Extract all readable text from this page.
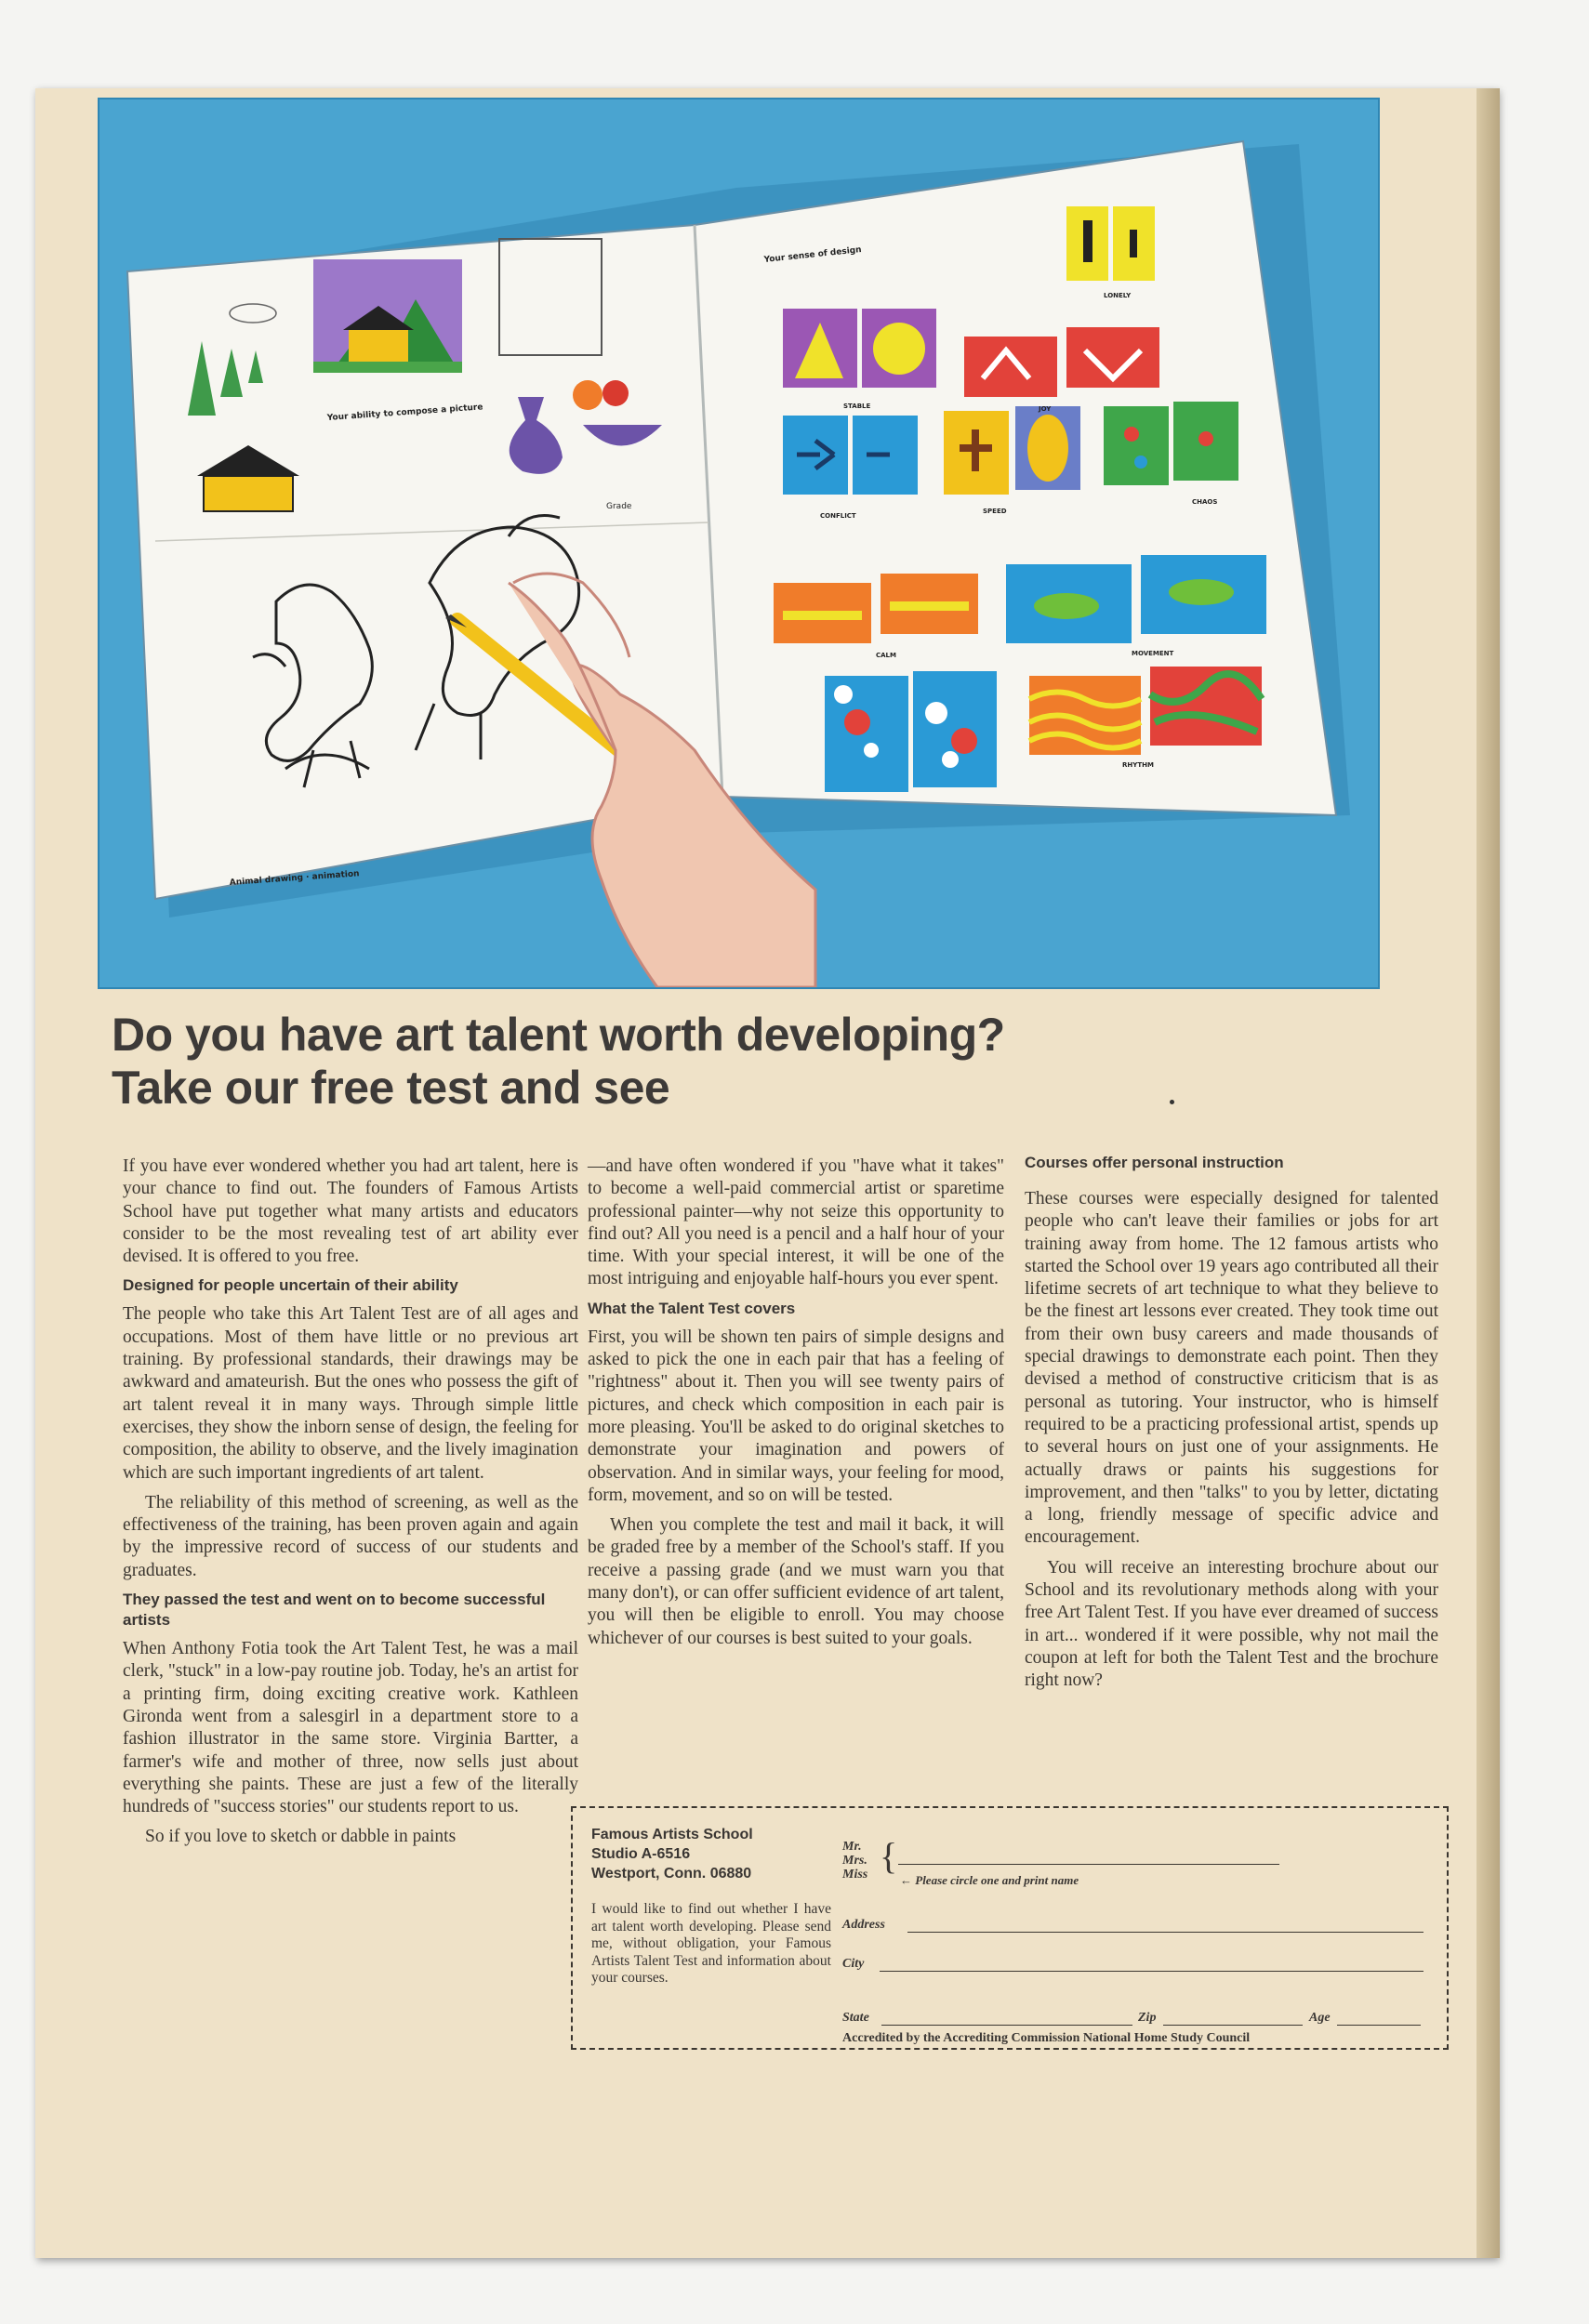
Your ability to compose a picture
Animal drawing · animation
Grade
Your sense of design
LONELY
STABLE	JOY
CONFLICT
SPEED
CHAOS
CALM	MOVEMENT
RHYTHM
Do you have art talent worth developing?
Take our free test and see

If you have ever wondered whether you had art talent, here is your chance to find out. The founders of Famous Artists School have put together what many artists and educators consider to be the most revealing test of art ability ever devised. It is offered to you free.

Designed for people uncertain of their ability

The people who take this Art Talent Test are of all ages and occupations. Most of them have little or no previous art training. By professional standards, their drawings may be awkward and amateurish. But the ones who possess the gift of art talent reveal it in many ways. Through simple little exercises, they show the inborn sense of design, the feeling for composition, the ability to observe, and the lively imagination which are such important ingredients of art talent.

The reliability of this method of screening, as well as the effectiveness of the training, has been proven again and again by the impressive record of success of our students and graduates.

They passed the test and went on to become successful artists

When Anthony Fotia took the Art Talent Test, he was a mail clerk, "stuck" in a low-pay routine job. Today, he's an artist for a printing firm, doing exciting creative work. Kathleen Gironda went from a salesgirl in a department store to a fashion illustrator in the same store. Virginia Bartter, a farmer's wife and mother of three, now sells just about everything she paints. These are just a few of the literally hundreds of "success stories" our students report to us.

So if you love to sketch or dabble in paints

—and have often wondered if you "have what it takes" to become a well-paid commercial artist or sparetime professional painter—why not seize this opportunity to find out? All you need is a pencil and a half hour of your time. With your special interest, it will be one of the most intriguing and enjoyable half-hours you ever spent.

What the Talent Test covers

First, you will be shown ten pairs of simple designs and asked to pick the one in each pair that has a feeling of "rightness" about it. Then you will see twenty pairs of pictures, and check which composition in each pair is more pleasing. You'll be asked to do original sketches to demonstrate your imagination and powers of observation. And in similar ways, your feeling for mood, form, movement, and so on will be tested.

When you complete the test and mail it back, it will be graded free by a member of the School's staff. If you receive a passing grade (and we must warn you that many don't), or can offer sufficient evidence of art talent, you will then be eligible to enroll. You may choose whichever of our courses is best suited to your goals.

Courses offer personal instruction

These courses were especially designed for talented people who can't leave their families or jobs for art training away from home. The 12 famous artists who started the School over 19 years ago contributed all their lifetime secrets of art technique to what they believe to be the finest art lessons ever created. They took time out from their own busy careers and made thousands of special drawings to demonstrate each point. Then they devised a method of constructive criticism that is as personal as tutoring. Your instructor, who is himself required to be a practicing professional artist, spends up to several hours on just one of your assignments. He actually draws or paints his suggestions for improvement, and then "talks" to you by letter, dictating a long, friendly message of specific advice and encouragement.

You will receive an interesting brochure about our School and its revolutionary methods along with your free Art Talent Test. If you have ever dreamed of success in art... wondered if it were possible, why not mail the coupon at left for both the Talent Test and the brochure right now?

Famous Artists School
Studio A-6516
Westport, Conn. 06880
I would like to find out whether I have art talent worth developing. Please send me, without obligation, your Famous Artists Talent Test and information about your courses.
Mr. Mrs. Miss {
← Please circle one and print name
Address
City
State	Zip	Age
Accredited by the Accrediting Commission National Home Study Council
